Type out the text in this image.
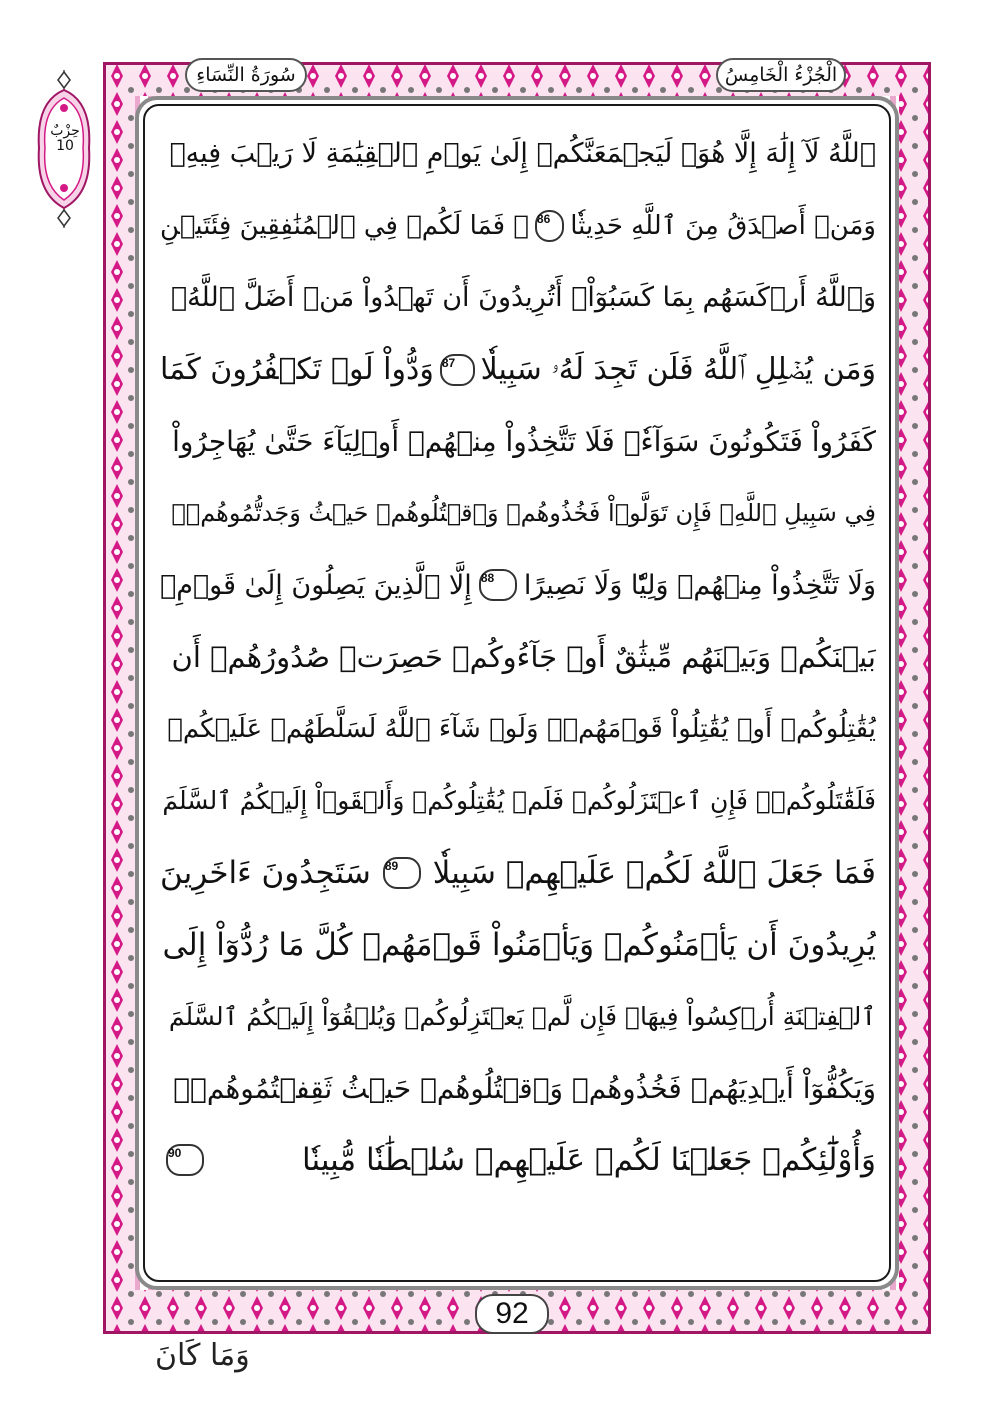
حِزْبٌ
10
الْجُزْءُ الْخَامِسُ
سُورَةُ النِّسَاءِ
ٱللَّهُ لَآ إِلَٰهَ إِلَّا هُوَۚ لَيَجۡمَعَنَّكُمۡ إِلَىٰ يَوۡمِ ٱلۡقِيَٰمَةِ لَا رَيۡبَ فِيهِۗ
وَمَنۡ أَصۡدَقُ مِنَ ٱللَّهِ حَدِيثٗا
86
۞ فَمَا لَكُمۡ فِي ٱلۡمُنَٰفِقِينَ فِئَتَيۡنِ
وَٱللَّهُ أَرۡكَسَهُم بِمَا كَسَبُوٓاْۚ أَتُرِيدُونَ أَن تَهۡدُواْ مَنۡ أَضَلَّ ٱللَّهُۖ
وَمَن يُضۡلِلِ ٱللَّهُ فَلَن تَجِدَ لَهُۥ سَبِيلٗا
87
وَدُّواْ لَوۡ تَكۡفُرُونَ كَمَا
كَفَرُواْ فَتَكُونُونَ سَوَآءٗۖ فَلَا تَتَّخِذُواْ مِنۡهُمۡ أَوۡلِيَآءَ حَتَّىٰ يُهَاجِرُواْ
فِي سَبِيلِ ٱللَّهِۚ فَإِن تَوَلَّوۡاْ فَخُذُوهُمۡ وَٱقۡتُلُوهُمۡ حَيۡثُ وَجَدتُّمُوهُمۡۖ
وَلَا تَتَّخِذُواْ مِنۡهُمۡ وَلِيّٗا وَلَا نَصِيرًا
88
إِلَّا ٱلَّذِينَ يَصِلُونَ إِلَىٰ قَوۡمِۭ
بَيۡنَكُمۡ وَبَيۡنَهُم مِّيثَٰقٌ أَوۡ جَآءُوكُمۡ حَصِرَتۡ صُدُورُهُمۡ أَن
يُقَٰتِلُوكُمۡ أَوۡ يُقَٰتِلُواْ قَوۡمَهُمۡۚ وَلَوۡ شَآءَ ٱللَّهُ لَسَلَّطَهُمۡ عَلَيۡكُمۡ
فَلَقَٰتَلُوكُمۡۚ فَإِنِ ٱعۡتَزَلُوكُمۡ فَلَمۡ يُقَٰتِلُوكُمۡ وَأَلۡقَوۡاْ إِلَيۡكُمُ ٱلسَّلَمَ
فَمَا جَعَلَ ٱللَّهُ لَكُمۡ عَلَيۡهِمۡ سَبِيلٗا
89
سَتَجِدُونَ ءَاخَرِينَ
يُرِيدُونَ أَن يَأۡمَنُوكُمۡ وَيَأۡمَنُواْ قَوۡمَهُمۡ كُلَّ مَا رُدُّوٓاْ إِلَى
ٱلۡفِتۡنَةِ أُرۡكِسُواْ فِيهَاۚ فَإِن لَّمۡ يَعۡتَزِلُوكُمۡ وَيُلۡقُوٓاْ إِلَيۡكُمُ ٱلسَّلَمَ
وَيَكُفُّوٓاْ أَيۡدِيَهُمۡ فَخُذُوهُمۡ وَٱقۡتُلُوهُمۡ حَيۡثُ ثَقِفۡتُمُوهُمۡۚ
وَأُوْلَٰٓئِكُمۡ جَعَلۡنَا لَكُمۡ عَلَيۡهِمۡ سُلۡطَٰنٗا مُّبِينٗا
90
92
وَمَا كَانَ
